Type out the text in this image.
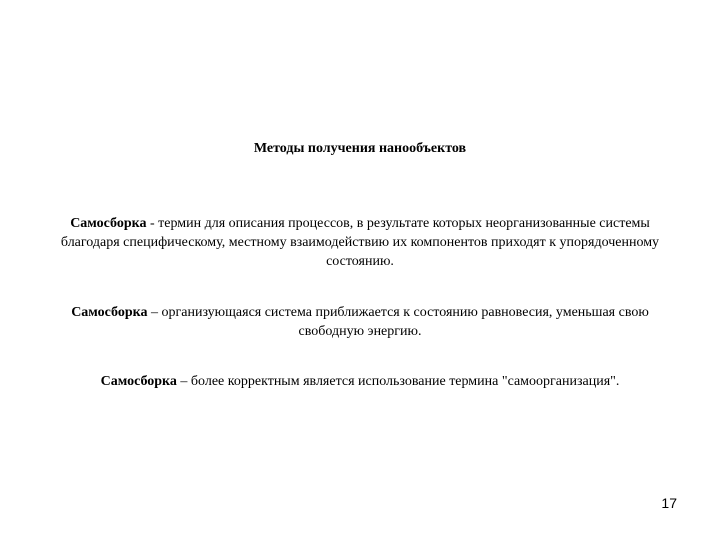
Методы получения нанообъектов

Самосборка - термин для описания процессов, в результате которых неорганизованные системы благодаря специфическому, местному взаимодействию их компонентов приходят к упорядоченному состоянию.

Самосборка – организующаяся система приближается к состоянию равновесия, уменьшая свою свободную энергию.

Самосборка – более корректным является использование термина "самоорганизация".

17
